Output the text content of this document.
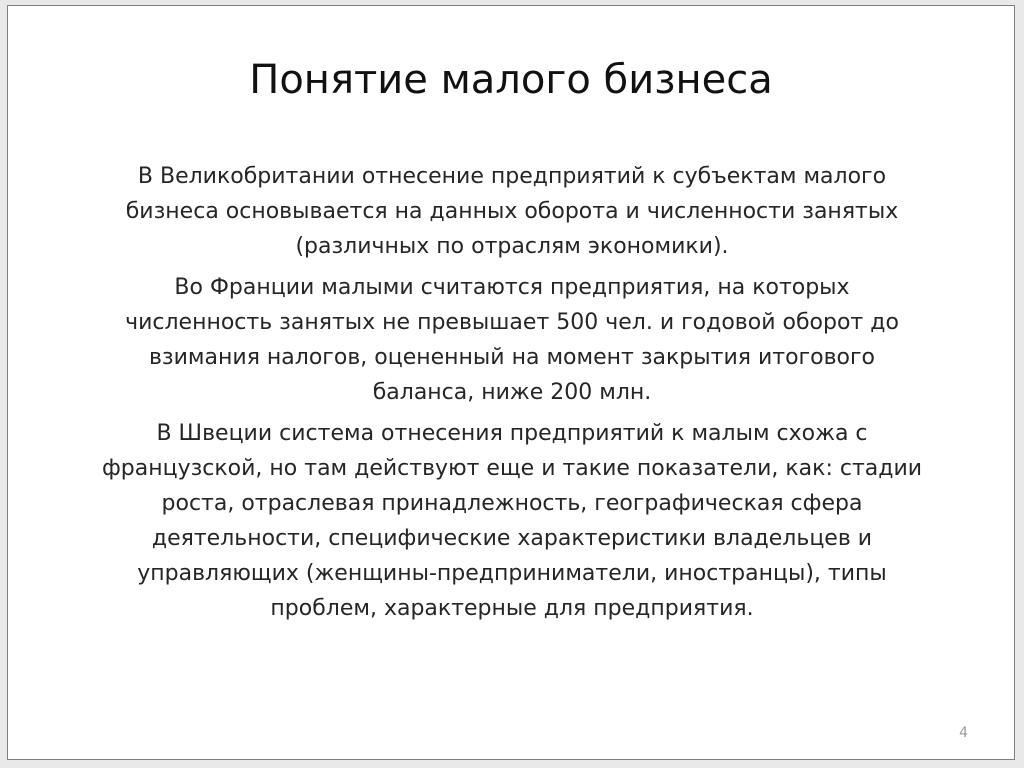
Понятие малого бизнеса

В Великобритании отнесение предприятий к субъектам малого
бизнеса основывается на данных оборота и численности занятых
(различных по отраслям экономики).

Во Франции малыми считаются предприятия, на которых
численность занятых не превышает 500 чел. и годовой оборот до
взимания налогов, оцененный на момент закрытия итогового
баланса, ниже 200 млн.

В Швеции система отнесения предприятий к малым схожа с
французской, но там действуют еще и такие показатели, как: стадии
роста, отраслевая принадлежность, географическая сфера
деятельности, специфические характеристики владельцев и
управляющих (женщины-предприниматели, иностранцы), типы
проблем, характерные для предприятия.

4
